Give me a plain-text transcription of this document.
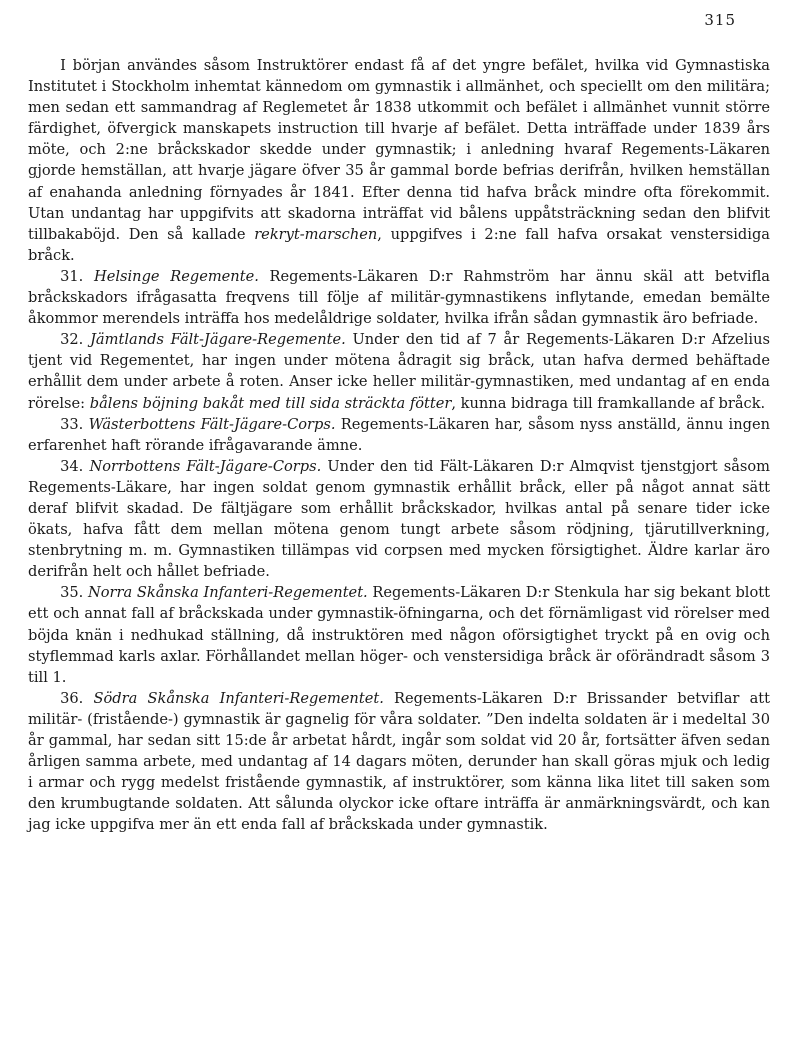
315

I början användes såsom Instruktörer endast få af det yngre befälet, hvilka vid Gymnastiska Institutet i Stockholm inhemtat kännedom om gymnastik i allmänhet, och speciellt om den militära; men sedan ett sammandrag af Reglemetet år 1838 utkommit och befälet i allmänhet vunnit större färdighet, öfvergick manskapets instruction till hvarje af befälet. Detta inträffade under 1839 års möte, och 2:ne bråckskador skedde under gymnastik; i anledning hvaraf Regements-Läkaren gjorde hemställan, att hvarje jägare öfver 35 år gammal borde befrias derifrån, hvilken hemställan af enahanda anledning förnyades år 1841. Efter denna tid hafva bråck mindre ofta förekommit. Utan undantag har uppgifvits att skadorna inträffat vid bålens uppåtsträckning sedan den blifvit tillbakaböjd. Den så kallade rekryt-marschen, uppgifves i 2:ne fall hafva orsakat venstersidiga bråck.

31. Helsinge Regemente. Regements-Läkaren D:r Rahmström har ännu skäl att betvifla bråckskadors ifrågasatta freqvens till följe af militär-gymnastikens inflytande, emedan bemälte åkommor merendels inträffa hos medelåldrige soldater, hvilka ifrån sådan gymnastik äro befriade.

32. Jämtlands Fält-Jägare-Regemente. Under den tid af 7 år Regements-Läkaren D:r Afzelius tjent vid Regementet, har ingen under mötena ådragit sig bråck, utan hafva dermed behäftade erhållit dem under arbete å roten. Anser icke heller militär-gymnastiken, med undantag af en enda rörelse: bålens böjning bakåt med till sida sträckta fötter, kunna bidraga till framkallande af bråck.

33. Wästerbottens Fält-Jägare-Corps. Regements-Läkaren har, såsom nyss anställd, ännu ingen erfarenhet haft rörande ifrågavarande ämne.

34. Norrbottens Fält-Jägare-Corps. Under den tid Fält-Läkaren D:r Almqvist tjenstgjort såsom Regements-Läkare, har ingen soldat genom gymnastik erhållit bråck, eller på något annat sätt deraf blifvit skadad. De fältjägare som erhållit bråckskador, hvilkas antal på senare tider icke ökats, hafva fått dem mellan mötena genom tungt arbete såsom rödjning, tjärutillverkning, stenbrytning m. m. Gymnastiken tillämpas vid corpsen med mycken försigtighet. Äldre karlar äro derifrån helt och hållet befriade.

35. Norra Skånska Infanteri-Regementet. Regements-Läkaren D:r Stenkula har sig bekant blott ett och annat fall af bråckskada under gymnastik-öfningarna, och det förnämligast vid rörelser med böjda knän i nedhukad ställning, då instruktören med någon oförsigtighet tryckt på en ovig och styflemmad karls axlar. Förhållandet mellan höger- och venstersidiga bråck är oförändradt såsom 3 till 1.

36. Södra Skånska Infanteri-Regementet. Regements-Läkaren D:r Brissander betviflar att militär- (fristående-) gymnastik är gagnelig för våra soldater. ”Den indelta soldaten är i medeltal 30 år gammal, har sedan sitt 15:de år arbetat hårdt, ingår som soldat vid 20 år, fortsätter äfven sedan årligen samma arbete, med undantag af 14 dagars möten, derunder han skall göras mjuk och ledig i armar och rygg medelst fristående gymnastik, af instruktörer, som känna lika litet till saken som den krumbugtande soldaten. Att sålunda olyckor icke oftare inträffa är anmärkningsvärdt, och kan jag icke uppgifva mer än ett enda fall af bråckskada under gymnastik.
